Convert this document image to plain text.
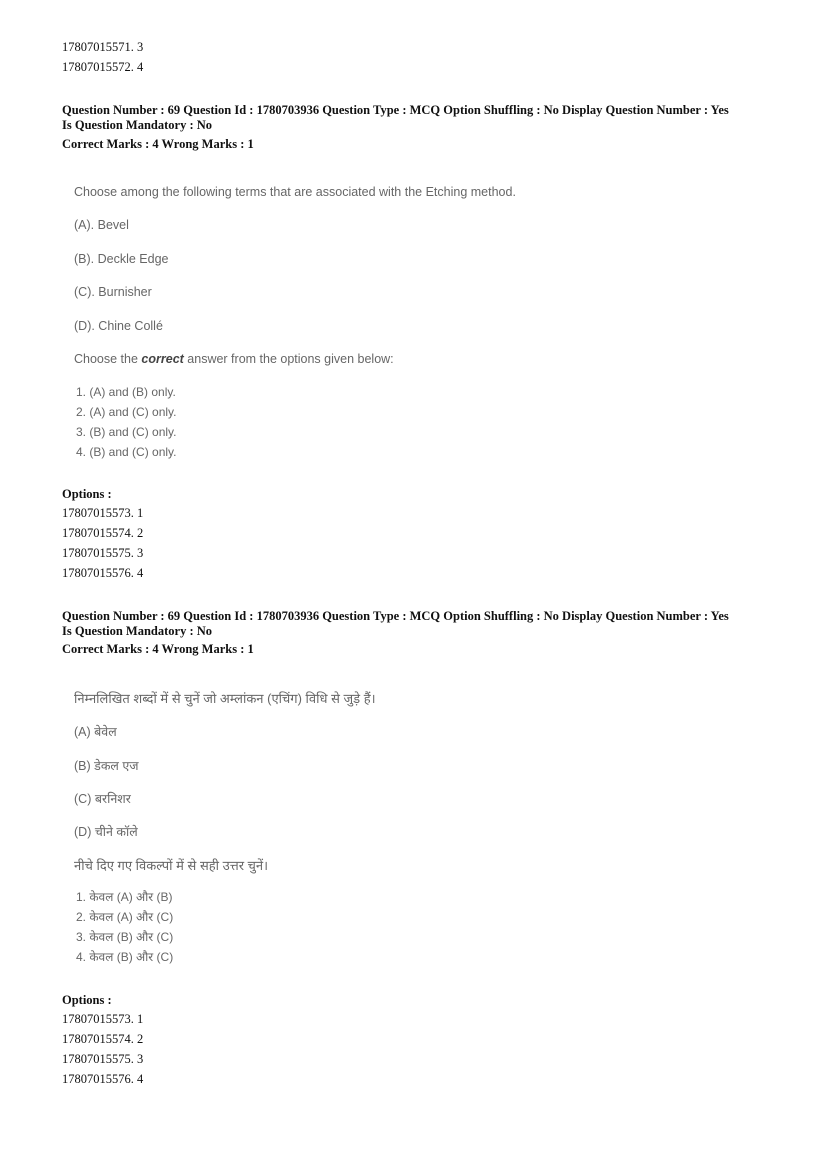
17807015571. 3
17807015572. 4
Question Number : 69 Question Id : 1780703936 Question Type : MCQ Option Shuffling : No Display Question Number : Yes
Is Question Mandatory : No
Correct Marks : 4 Wrong Marks : 1
Choose among the following terms that are associated with the Etching method.
(A). Bevel
(B). Deckle Edge
(C). Burnisher
(D). Chine Collé
Choose the correct answer from the options given below:
1. (A) and (B) only.
2. (A) and (C) only.
3. (B) and (C) only.
4. (B) and (C) only.
Options :
17807015573. 1
17807015574. 2
17807015575. 3
17807015576. 4
Question Number : 69 Question Id : 1780703936 Question Type : MCQ Option Shuffling : No Display Question Number : Yes
Is Question Mandatory : No
Correct Marks : 4 Wrong Marks : 1
निम्नलिखित शब्दों में से चुनें जो अम्लांकन (एचिंग) विधि से जुड़े हैं।
(A) बेवेल
(B) डेकल एज
(C) बरनिशर
(D) चीने कॉले
नीचे दिए गए विकल्पों में से सही उत्तर चुनें।
1. केवल (A) और (B)
2. केवल (A) और (C)
3. केवल (B) और (C)
4. केवल (B) और (C)
Options :
17807015573. 1
17807015574. 2
17807015575. 3
17807015576. 4
